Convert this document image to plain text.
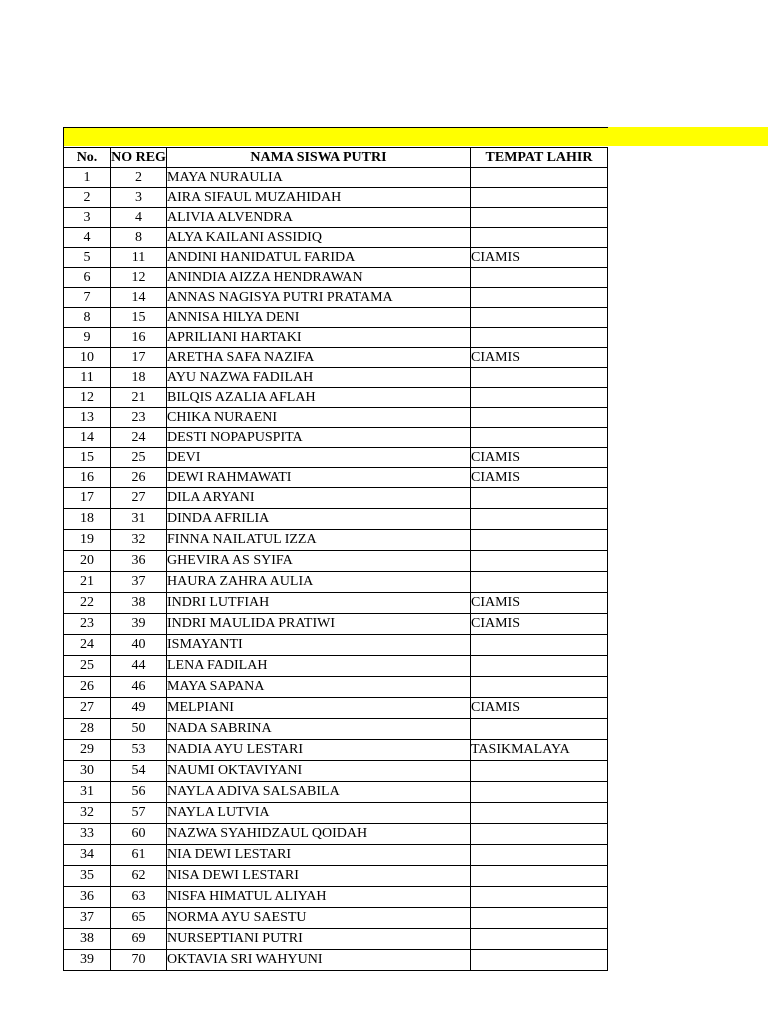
No.	NO REG	NAMA SISWA PUTRI	TEMPAT LAHIR
1	2	MAYA NURAULIA	
2	3	AIRA SIFAUL MUZAHIDAH	
3	4	ALIVIA ALVENDRA	
4	8	ALYA KAILANI ASSIDIQ	
5	11	ANDINI HANIDATUL FARIDA	CIAMIS
6	12	ANINDIA AIZZA HENDRAWAN	
7	14	ANNAS NAGISYA PUTRI PRATAMA	
8	15	ANNISA HILYA DENI	
9	16	APRILIANI HARTAKI	
10	17	ARETHA SAFA NAZIFA	CIAMIS
11	18	AYU NAZWA FADILAH	
12	21	BILQIS AZALIA AFLAH	
13	23	CHIKA NURAENI	
14	24	DESTI NOPAPUSPITA	
15	25	DEVI	CIAMIS
16	26	DEWI RAHMAWATI	CIAMIS
17	27	DILA ARYANI	
18	31	DINDA AFRILIA	
19	32	FINNA NAILATUL IZZA	
20	36	GHEVIRA AS SYIFA	
21	37	HAURA ZAHRA AULIA	
22	38	INDRI LUTFIAH	CIAMIS
23	39	INDRI MAULIDA PRATIWI	CIAMIS
24	40	ISMAYANTI	
25	44	LENA FADILAH	
26	46	MAYA SAPANA	
27	49	MELPIANI	CIAMIS
28	50	NADA SABRINA	
29	53	NADIA AYU LESTARI	TASIKMALAYA
30	54	NAUMI OKTAVIYANI	
31	56	NAYLA ADIVA SALSABILA	
32	57	NAYLA LUTVIA	
33	60	NAZWA SYAHIDZAUL QOIDAH	
34	61	NIA DEWI LESTARI	
35	62	NISA DEWI LESTARI	
36	63	NISFA HIMATUL ALIYAH	
37	65	NORMA AYU SAESTU	
38	69	NURSEPTIANI PUTRI	
39	70	OKTAVIA SRI WAHYUNI	
